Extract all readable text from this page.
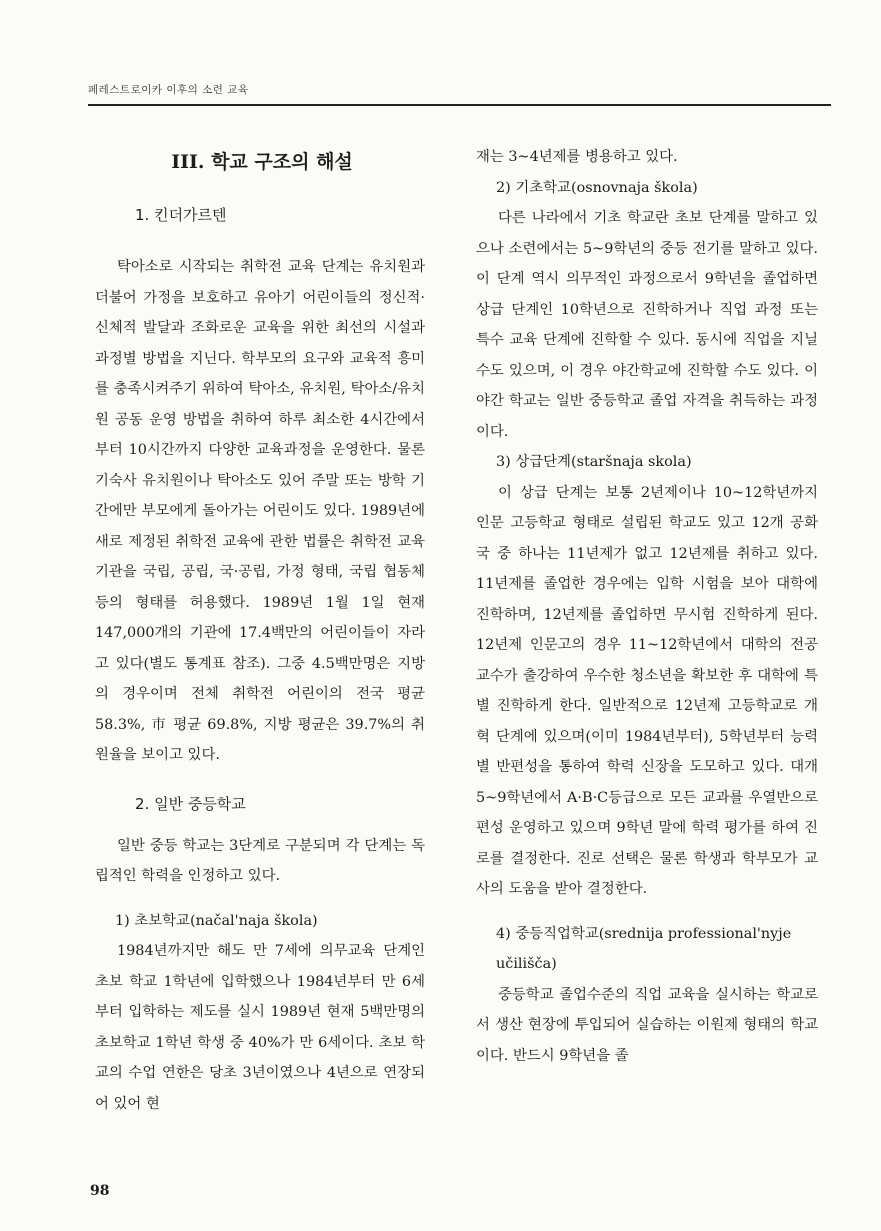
페레스트로이카 이후의 소련 교육
III. 학교 구조의 해설
1. 킨더가르텐

탁아소로 시작되는 취학전 교육 단계는 유치원과 더불어 가정을 보호하고 유아기 어린이들의 정신적·신체적 발달과 조화로운 교육을 위한 최선의 시설과 과정별 방법을 지닌다. 학부모의 요구와 교육적 흥미를 충족시켜주기 위하여 탁아소, 유치원, 탁아소/유치원 공동 운영 방법을 취하여 하루 최소한 4시간에서부터 10시간까지 다양한 교육과정을 운영한다. 물론 기숙사 유치원이나 탁아소도 있어 주말 또는 방학 기간에만 부모에게 돌아가는 어린이도 있다. 1989년에 새로 제정된 취학전 교육에 관한 법률은 취학전 교육 기관을 국립, 공립, 국·공립, 가정 형태, 국립 협동체 등의 형태를 허용했다. 1989년 1월 1일 현재 147,000개의 기관에 17.4백만의 어린이들이 자라고 있다(별도 통계표 참조). 그중 4.5백만명은 지방의 경우이며 전체 취학전 어린이의 전국 평균 58.3%, 市 평균 69.8%, 지방 평균은 39.7%의 취원율을 보이고 있다.

2. 일반 중등학교

일반 중등 학교는 3단계로 구분되며 각 단계는 독립적인 학력을 인정하고 있다.

1) 초보학교(načal'naja škola)

1984년까지만 해도 만 7세에 의무교육 단계인 초보 학교 1학년에 입학했으나 1984년부터 만 6세부터 입학하는 제도를 실시 1989년 현재 5백만명의 초보학교 1학년 학생 중 40%가 만 6세이다. 초보 학교의 수업 연한은 당초 3년이였으나 4년으로 연장되어 있어 현

재는 3~4년제를 병용하고 있다.

2) 기초학교(osnovnaja škola)

다른 나라에서 기초 학교란 초보 단계를 말하고 있으나 소련에서는 5~9학년의 중등 전기를 말하고 있다. 이 단계 역시 의무적인 과정으로서 9학년을 졸업하면 상급 단계인 10학년으로 진학하거나 직업 과정 또는 특수 교육 단계에 진학할 수 있다. 동시에 직업을 지닐 수도 있으며, 이 경우 야간학교에 진학할 수도 있다. 이 야간 학교는 일반 중등학교 졸업 자격을 취득하는 과정이다.

3) 상급단계(staršnaja skola)

이 상급 단계는 보통 2년제이나 10~12학년까지 인문 고등학교 형태로 설립된 학교도 있고 12개 공화국 중 하나는 11년제가 없고 12년제를 취하고 있다. 11년제를 졸업한 경우에는 입학 시험을 보아 대학에 진학하며, 12년제를 졸업하면 무시험 진학하게 된다. 12년제 인문고의 경우 11~12학년에서 대학의 전공 교수가 출강하여 우수한 청소년을 확보한 후 대학에 특별 진학하게 한다. 일반적으로 12년제 고등학교로 개혁 단계에 있으며(이미 1984년부터), 5학년부터 능력별 반편성을 통하여 학력 신장을 도모하고 있다. 대개 5~9학년에서 A·B·C등급으로 모든 교과를 우열반으로 편성 운영하고 있으며 9학년 말에 학력 평가를 하여 진로를 결정한다. 진로 선택은 물론 학생과 학부모가 교사의 도움을 받아 결정한다.

4) 중등직업학교(srednija professional'nyje učiliščа)

중등학교 졸업수준의 직업 교육을 실시하는 학교로서 생산 현장에 투입되어 실습하는 이원제 형태의 학교이다. 반드시 9학년을 졸

98
